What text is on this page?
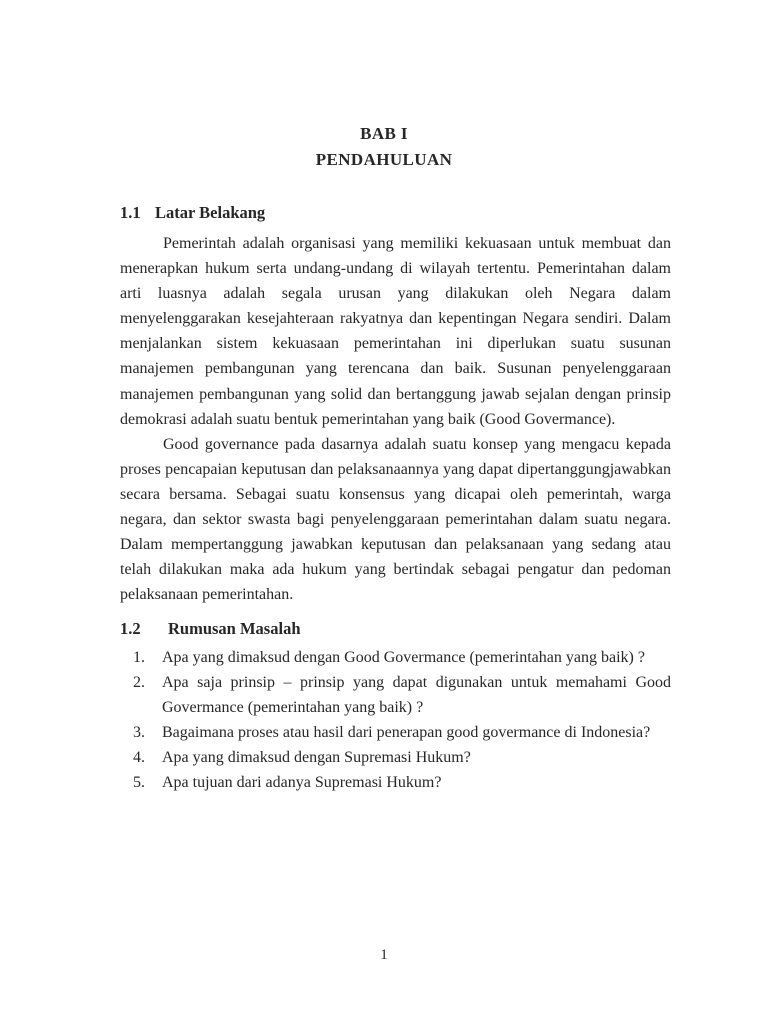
BAB I
PENDAHULUAN
1.1 Latar Belakang

Pemerintah adalah organisasi yang memiliki kekuasaan untuk membuat dan menerapkan hukum serta undang-undang di wilayah tertentu. Pemerintahan dalam arti luasnya adalah segala urusan yang dilakukan oleh Negara dalam menyelenggarakan kesejahteraan rakyatnya dan kepentingan Negara sendiri. Dalam menjalankan sistem kekuasaan pemerintahan ini diperlukan suatu susunan manajemen pembangunan yang terencana dan baik. Susunan penyelenggaraan manajemen pembangunan yang solid dan bertanggung jawab sejalan dengan prinsip demokrasi adalah suatu bentuk pemerintahan yang baik (Good Govermance).

Good governance pada dasarnya adalah suatu konsep yang mengacu kepada proses pencapaian keputusan dan pelaksanaannya yang dapat dipertanggungjawabkan secara bersama. Sebagai suatu konsensus yang dicapai oleh pemerintah, warga negara, dan sektor swasta bagi penyelenggaraan pemerintahan dalam suatu negara. Dalam mempertanggung jawabkan keputusan dan pelaksanaan yang sedang atau telah dilakukan maka ada hukum yang bertindak sebagai pengatur dan pedoman pelaksanaan pemerintahan.

1.2 Rumusan Masalah
1.	Apa yang dimaksud dengan Good Govermance (pemerintahan yang baik) ?
2.	Apa saja prinsip – prinsip yang dapat digunakan untuk memahami Good Govermance (pemerintahan yang baik) ?
3.	Bagaimana proses atau hasil dari penerapan good govermance di Indonesia?
4.	Apa yang dimaksud dengan Supremasi Hukum?
5.	Apa tujuan dari adanya Supremasi Hukum?
1
